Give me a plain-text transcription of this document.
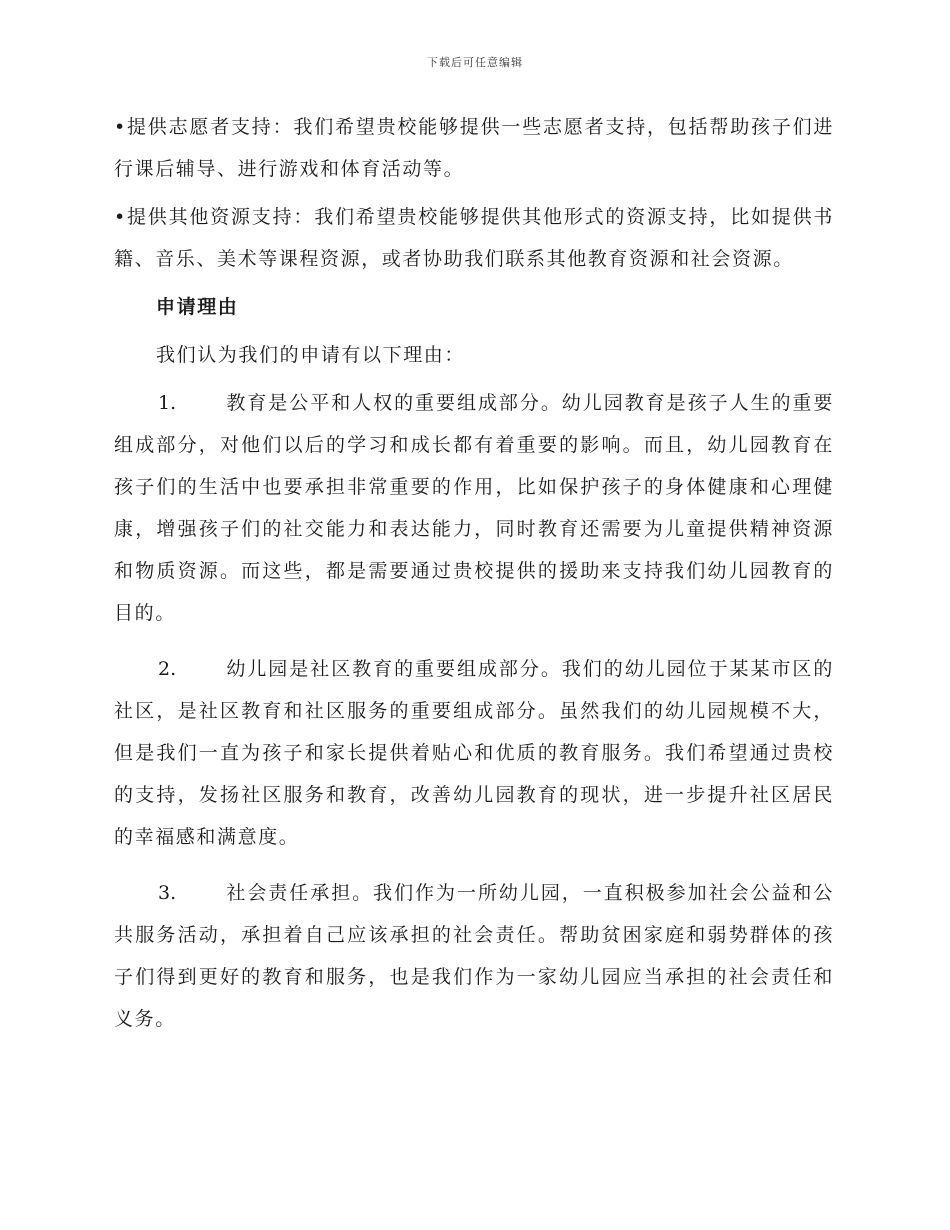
下载后可任意编辑

•提供志愿者支持：我们希望贵校能够提供一些志愿者支持，包括帮助孩子们进行课后辅导、进行游戏和体育活动等。

•提供其他资源支持：我们希望贵校能够提供其他形式的资源支持，比如提供书籍、音乐、美术等课程资源，或者协助我们联系其他教育资源和社会资源。

申请理由

我们认为我们的申请有以下理由：

1.	教育是公平和人权的重要组成部分。幼儿园教育是孩子人生的重要组成部分，对他们以后的学习和成长都有着重要的影响。而且，幼儿园教育在孩子们的生活中也要承担非常重要的作用，比如保护孩子的身体健康和心理健康，增强孩子们的社交能力和表达能力，同时教育还需要为儿童提供精神资源和物质资源。而这些，都是需要通过贵校提供的援助来支持我们幼儿园教育的目的。

2.	幼儿园是社区教育的重要组成部分。我们的幼儿园位于某某市区的社区，是社区教育和社区服务的重要组成部分。虽然我们的幼儿园规模不大，但是我们一直为孩子和家长提供着贴心和优质的教育服务。我们希望通过贵校的支持，发扬社区服务和教育，改善幼儿园教育的现状，进一步提升社区居民的幸福感和满意度。

3.	社会责任承担。我们作为一所幼儿园，一直积极参加社会公益和公共服务活动，承担着自己应该承担的社会责任。帮助贫困家庭和弱势群体的孩子们得到更好的教育和服务，也是我们作为一家幼儿园应当承担的社会责任和义务。
